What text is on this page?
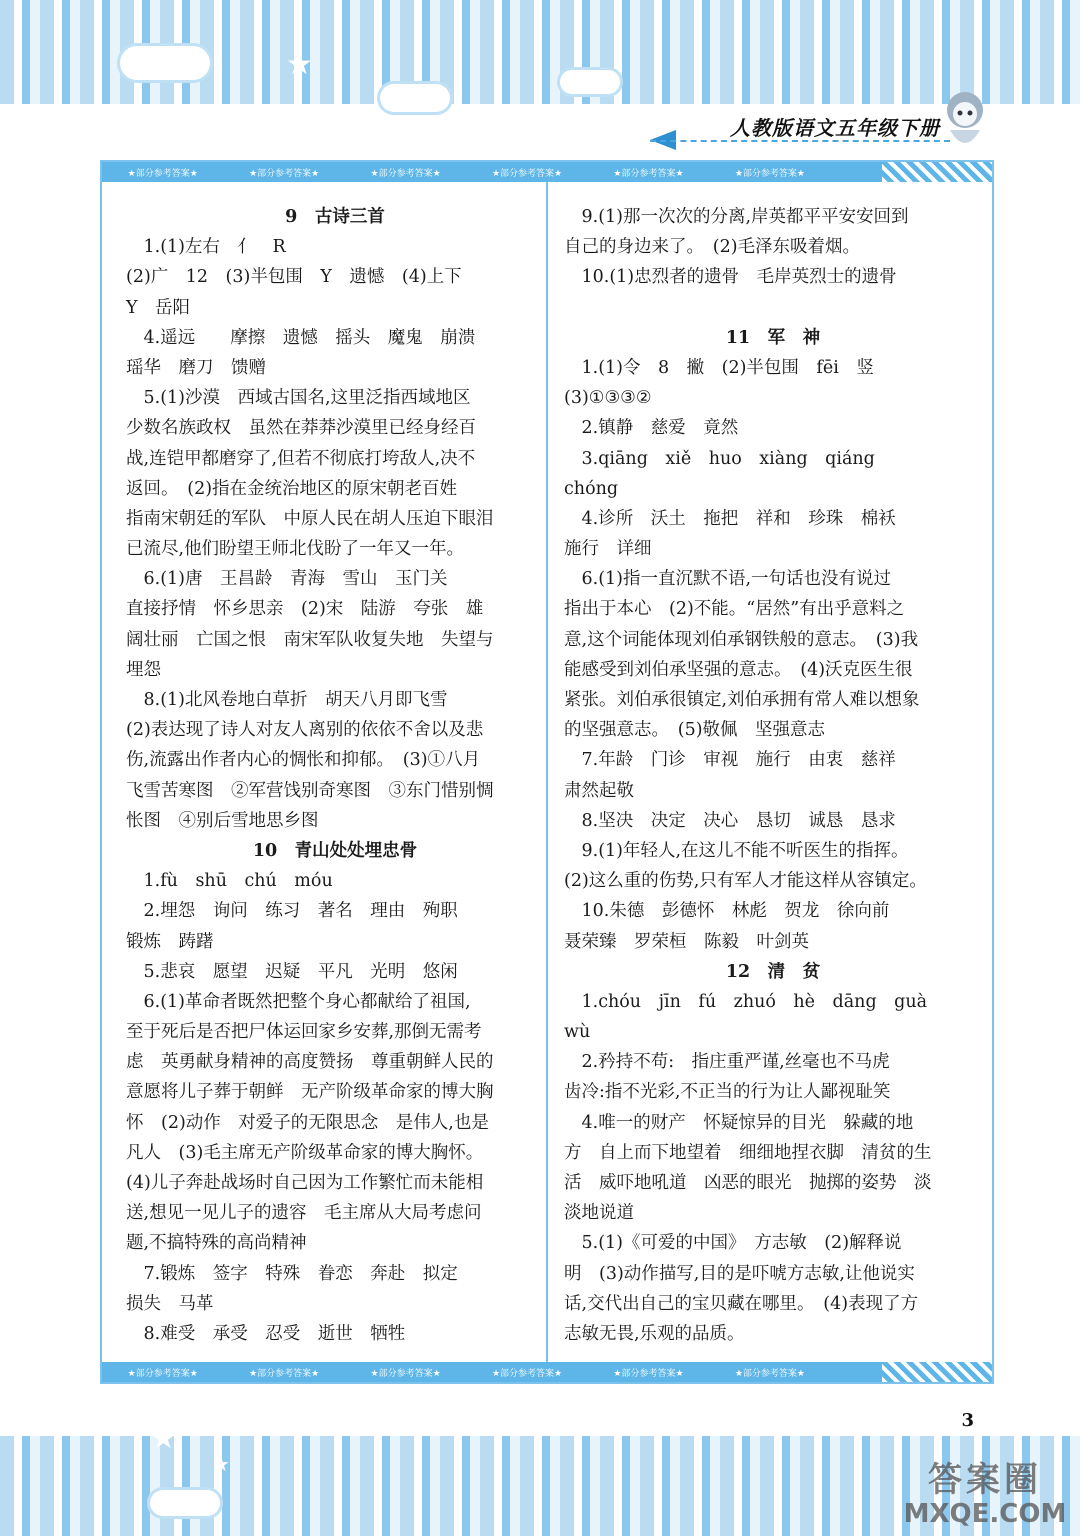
★
★
★
人教版语文五年级下册
★部分参考答案★	★部分参考答案★	★部分参考答案★	★部分参考答案★	★部分参考答案★	★部分参考答案★
9　古诗三首
　1.(1)左右　亻　R
(2)广　12　(3)半包围　Y　遗憾　(4)上下
Y　岳阳
　4.遥远　　摩擦　遗憾　摇头　魔鬼　崩溃
瑶华　磨刀　馈赠
　5.(1)沙漠　西域古国名,这里泛指西域地区
少数名族政权　虽然在莽莽沙漠里已经身经百
战,连铠甲都磨穿了,但若不彻底打垮敌人,决不
返回。　(2)指在金统治地区的原宋朝老百姓
指南宋朝廷的军队　中原人民在胡人压迫下眼泪
已流尽,他们盼望王师北伐盼了一年又一年。
　6.(1)唐　王昌龄　青海　雪山　玉门关
直接抒情　怀乡思亲　(2)宋　陆游　夸张　雄
阔壮丽　亡国之恨　南宋军队收复失地　失望与
埋怨
　8.(1)北风卷地白草折　胡天八月即飞雪
(2)表达现了诗人对友人离别的依依不舍以及悲
伤,流露出作者内心的惆怅和抑郁。　(3)①八月
飞雪苦寒图　②军营饯别奇寒图　③东门惜别惆
怅图　④别后雪地思乡图
10　青山处处埋忠骨
　1.fù　shū　chú　móu
　2.埋怨　询问　练习　著名　理由　殉职
锻炼　踌躇
　5.悲哀　愿望　迟疑　平凡　光明　悠闲
　6.(1)革命者既然把整个身心都献给了祖国,
至于死后是否把尸体运回家乡安葬,那倒无需考
虑　英勇献身精神的高度赞扬　尊重朝鲜人民的
意愿将儿子葬于朝鲜　无产阶级革命家的博大胸
怀　(2)动作　对爱子的无限思念　是伟人,也是
凡人　(3)毛主席无产阶级革命家的博大胸怀。
(4)儿子奔赴战场时自己因为工作繁忙而未能相
送,想见一见儿子的遗容　毛主席从大局考虑问
题,不搞特殊的高尚精神
　7.锻炼　签字　特殊　眷恋　奔赴　拟定
损失　马革
　8.难受　承受　忍受　逝世　牺牲
　9.(1)那一次次的分离,岸英都平平安安回到
自己的身边来了。　(2)毛泽东吸着烟。
　10.(1)忠烈者的遗骨　毛岸英烈士的遗骨
11　军　神
　1.(1)令　8　撇　(2)半包围　fēi　竖
(3)①③③②
　2.镇静　慈爱　竟然
　3.qiāng　xiě　huo　xiàng　qiáng
chóng
　4.诊所　沃土　拖把　祥和　珍珠　棉袄
施行　详细
　6.(1)指一直沉默不语,一句话也没有说过
指出于本心　(2)不能。“居然”有出乎意料之
意,这个词能体现刘伯承钢铁般的意志。　(3)我
能感受到刘伯承坚强的意志。　(4)沃克医生很
紧张。刘伯承很镇定,刘伯承拥有常人难以想象
的坚强意志。　(5)敬佩　坚强意志
　7.年龄　门诊　审视　施行　由衷　慈祥
肃然起敬
　8.坚决　决定　决心　恳切　诚恳　恳求
　9.(1)年轻人,在这儿不能不听医生的指挥。
(2)这么重的伤势,只有军人才能这样从容镇定。
　10.朱德　彭德怀　林彪　贺龙　徐向前
聂荣臻　罗荣桓　陈毅　叶剑英
12　清　贫
　1.chóu　jīn　fú　zhuó　hè　dāng　guà
wù
　2.矜持不苟:　指庄重严谨,丝毫也不马虎
齿冷:指不光彩,不正当的行为让人鄙视耻笑
　4.唯一的财产　怀疑惊异的目光　躲藏的地
方　自上而下地望着　细细地捏衣脚　清贫的生
活　威吓地吼道　凶恶的眼光　抛掷的姿势　淡
淡地说道
　5.(1)《可爱的中国》　方志敏　(2)解释说
明　(3)动作描写,目的是吓唬方志敏,让他说实
话,交代出自己的宝贝藏在哪里。　(4)表现了方
志敏无畏,乐观的品质。
★部分参考答案★	★部分参考答案★	★部分参考答案★	★部分参考答案★	★部分参考答案★	★部分参考答案★
3
答案圈
MXQE.COM
